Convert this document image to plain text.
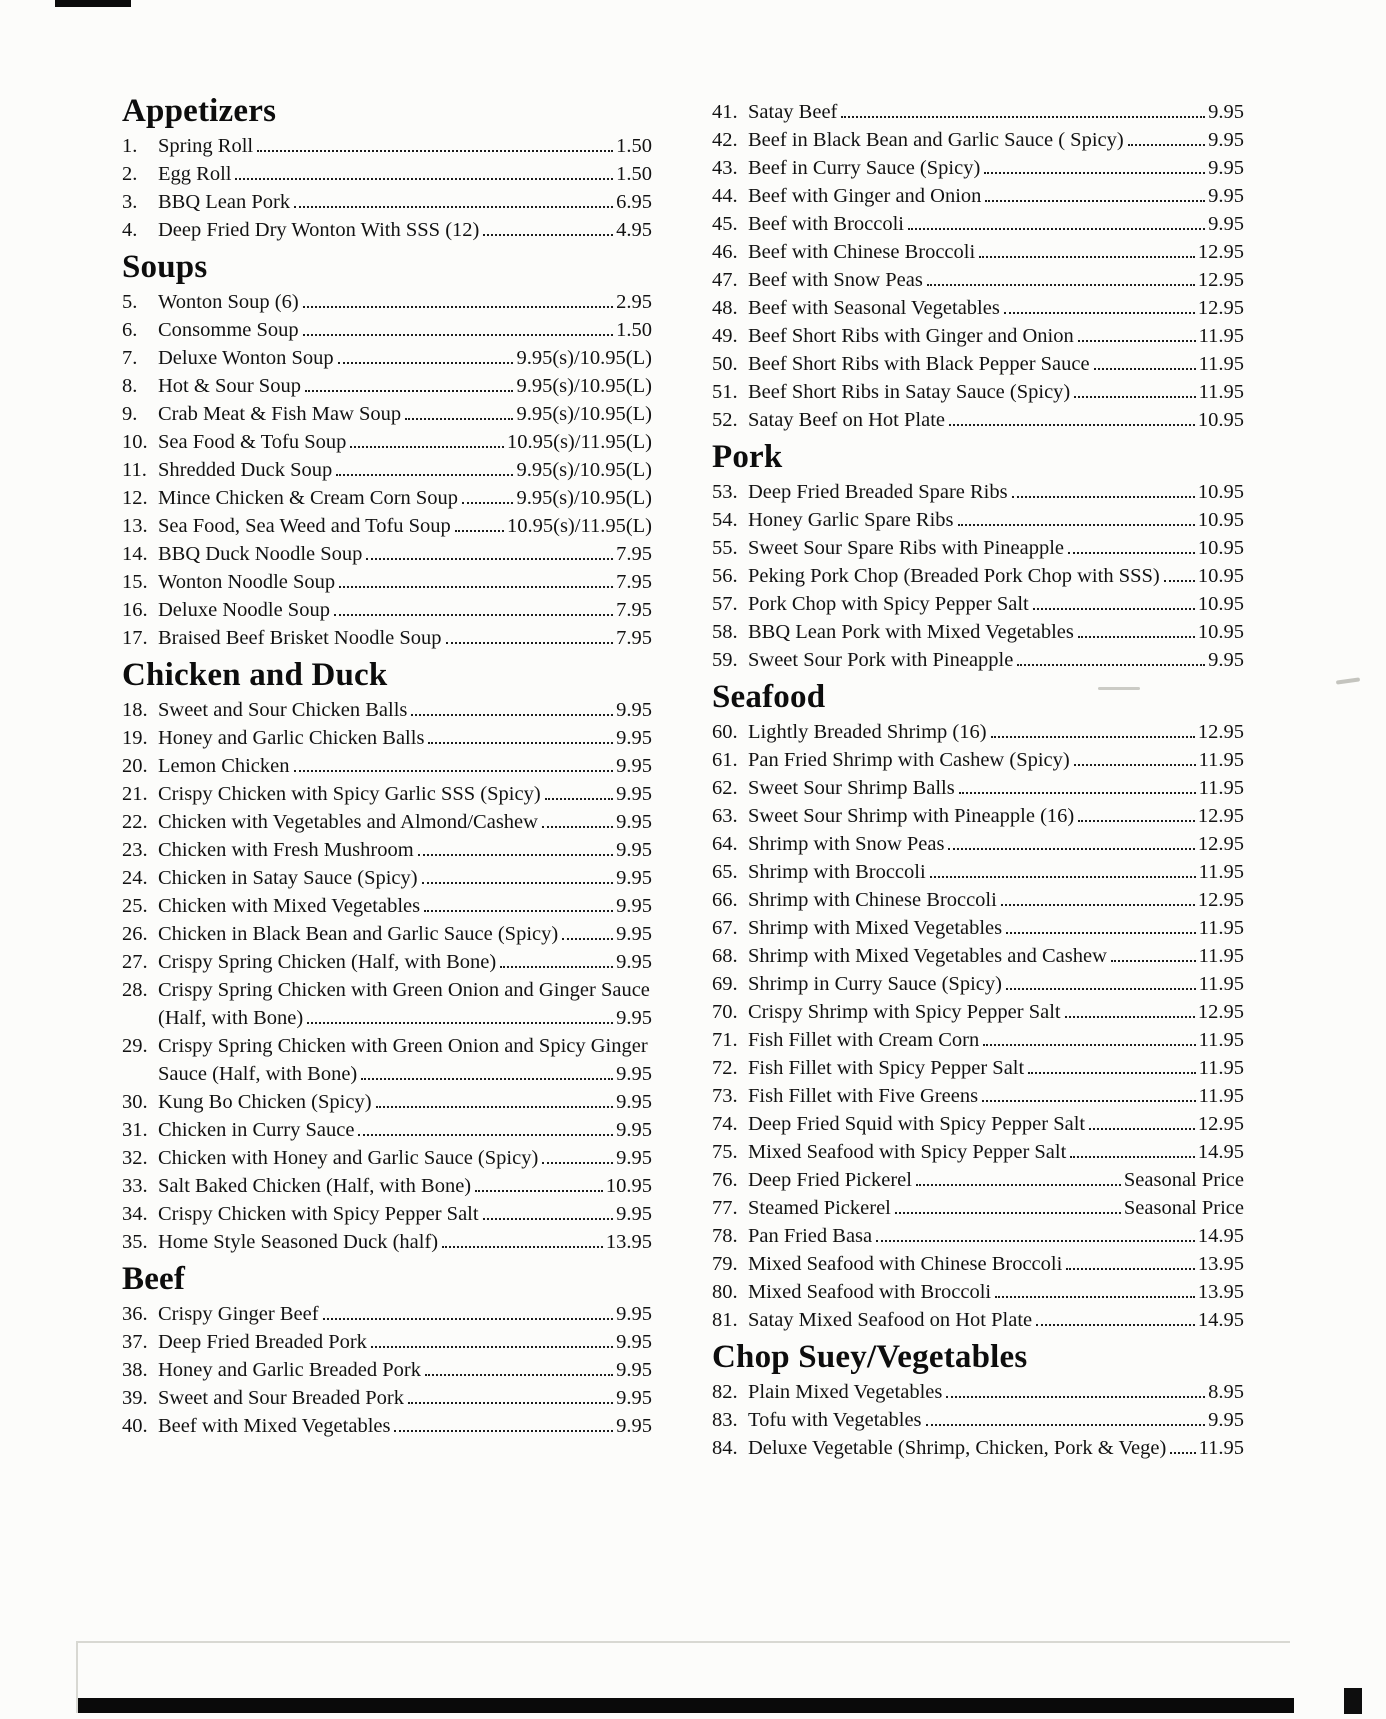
Appetizers
1.	Spring Roll	1.50
2.	Egg Roll	1.50
3.	BBQ Lean Pork	6.95
4.	Deep Fried Dry Wonton With SSS (12)	4.95
Soups
5.	Wonton Soup (6)	2.95
6.	Consomme Soup	1.50
7.	Deluxe Wonton Soup	9.95(s)/10.95(L)
8.	Hot & Sour Soup	9.95(s)/10.95(L)
9.	Crab Meat & Fish Maw Soup	9.95(s)/10.95(L)
10. Sea Food & Tofu Soup	10.95(s)/11.95(L)
11. Shredded Duck Soup	9.95(s)/10.95(L)
12. Mince Chicken & Cream Corn Soup	9.95(s)/10.95(L)
13. Sea Food, Sea Weed and Tofu Soup	10.95(s)/11.95(L)
14. BBQ Duck Noodle Soup	7.95
15. Wonton Noodle Soup	7.95
16. Deluxe Noodle Soup	7.95
17. Braised Beef Brisket Noodle Soup	7.95
Chicken and Duck
18. Sweet and Sour Chicken Balls	9.95
19. Honey and Garlic Chicken Balls	9.95
20. Lemon Chicken	9.95
21. Crispy Chicken with Spicy Garlic SSS (Spicy)	9.95
22. Chicken with Vegetables and Almond/Cashew	9.95
23. Chicken with Fresh Mushroom	9.95
24. Chicken in Satay Sauce (Spicy)	9.95
25. Chicken with Mixed Vegetables	9.95
26. Chicken in Black Bean and Garlic Sauce (Spicy)	9.95
27. Crispy Spring Chicken (Half, with Bone)	9.95
28. Crispy Spring Chicken with Green Onion and Ginger Sauce
(Half, with Bone)	9.95
29. Crispy Spring Chicken with Green Onion and Spicy Ginger
Sauce (Half, with Bone)	9.95
30. Kung Bo Chicken (Spicy)	9.95
31. Chicken in Curry Sauce	9.95
32. Chicken with Honey and Garlic Sauce (Spicy)	9.95
33. Salt Baked Chicken (Half, with Bone)	10.95
34. Crispy Chicken with Spicy Pepper Salt	9.95
35. Home Style Seasoned Duck (half)	13.95
Beef
36. Crispy Ginger Beef	9.95
37. Deep Fried Breaded Pork	9.95
38. Honey and Garlic Breaded Pork	9.95
39. Sweet and Sour Breaded Pork	9.95
40. Beef with Mixed Vegetables	9.95
41. Satay Beef	9.95
42. Beef in Black Bean and Garlic Sauce ( Spicy)	9.95
43. Beef in Curry Sauce (Spicy)	9.95
44. Beef with Ginger and Onion	9.95
45. Beef with Broccoli	9.95
46. Beef with Chinese Broccoli	12.95
47. Beef with Snow Peas	12.95
48. Beef with Seasonal Vegetables	12.95
49. Beef Short Ribs with Ginger and Onion	11.95
50. Beef Short Ribs with Black Pepper Sauce	11.95
51. Beef Short Ribs in Satay Sauce (Spicy)	11.95
52. Satay Beef on Hot Plate	10.95
Pork
53. Deep Fried Breaded Spare Ribs	10.95
54. Honey Garlic Spare Ribs	10.95
55. Sweet Sour Spare Ribs with Pineapple	10.95
56. Peking Pork Chop (Breaded Pork Chop with SSS) 10.95
57. Pork Chop with Spicy Pepper Salt	10.95
58. BBQ Lean Pork with Mixed Vegetables	10.95
59. Sweet Sour Pork with Pineapple	9.95
Seafood
60. Lightly Breaded Shrimp (16)	12.95
61. Pan Fried Shrimp with Cashew (Spicy)	11.95
62. Sweet Sour Shrimp Balls	11.95
63. Sweet Sour Shrimp with Pineapple (16)	12.95
64. Shrimp with Snow Peas	12.95
65. Shrimp with Broccoli	11.95
66. Shrimp with Chinese Broccoli	12.95
67. Shrimp with Mixed Vegetables	11.95
68. Shrimp with Mixed Vegetables and Cashew	11.95
69. Shrimp in Curry Sauce (Spicy)	11.95
70. Crispy Shrimp with Spicy Pepper Salt	12.95
71. Fish Fillet with Cream Corn	11.95
72. Fish Fillet with Spicy Pepper Salt	11.95
73. Fish Fillet with Five Greens	11.95
74. Deep Fried Squid with Spicy Pepper Salt	12.95
75. Mixed Seafood with Spicy Pepper Salt	14.95
76. Deep Fried Pickerel	Seasonal Price
77. Steamed Pickerel	Seasonal Price
78. Pan Fried Basa	14.95
79. Mixed Seafood with Chinese Broccoli	13.95
80. Mixed Seafood with Broccoli	13.95
81. Satay Mixed Seafood on Hot Plate	14.95
Chop Suey/Vegetables
82. Plain Mixed Vegetables	8.95
83. Tofu with Vegetables	9.95
84. Deluxe Vegetable (Shrimp, Chicken, Pork & Vege) 11.95
